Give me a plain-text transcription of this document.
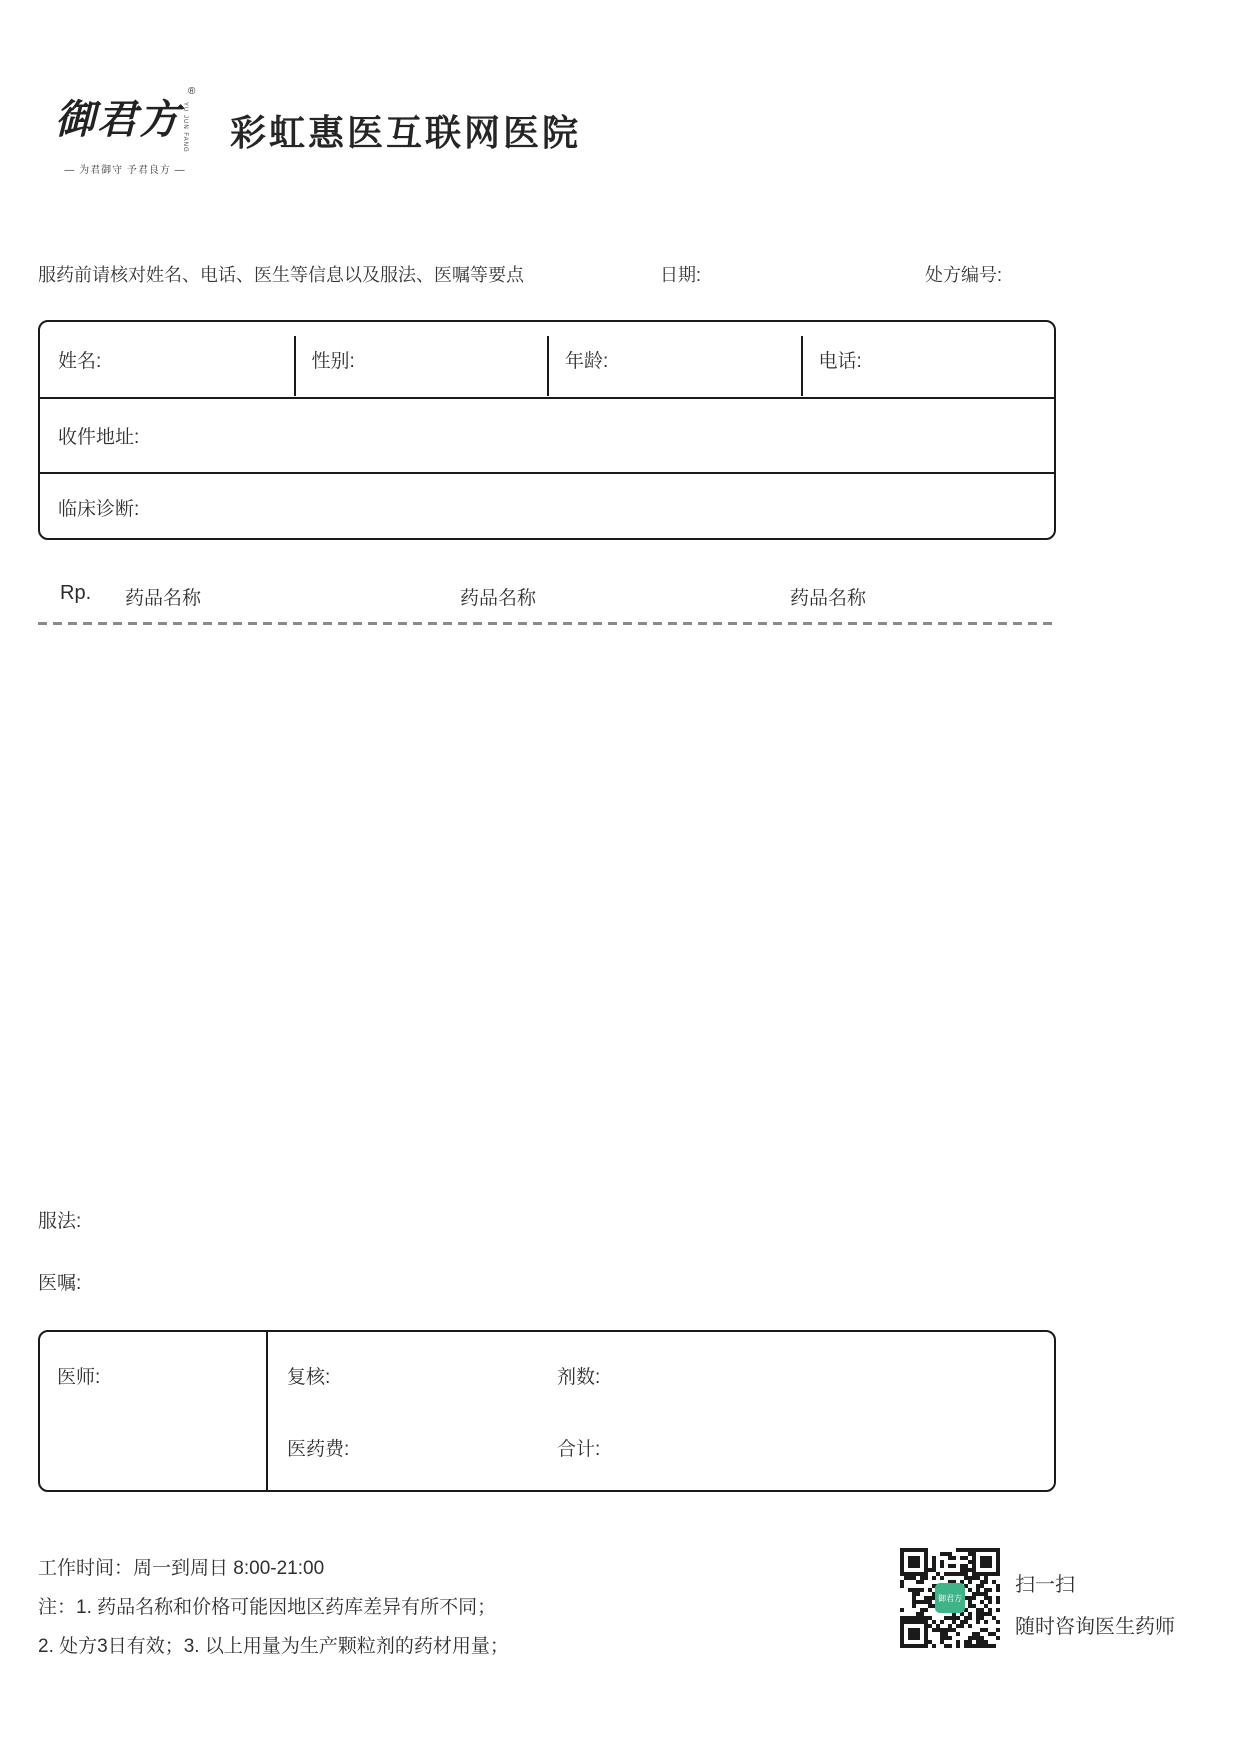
御君方 YU JUN FANG
®
— 为君御守 予君良方 —
彩虹惠医互联网医院
服药前请核对姓名、电话、医生等信息以及服法、医嘱等要点	日期:	处方编号:
姓名:	性别:	年龄:	电话:
收件地址:
临床诊断:
Rp. 药品名称	药品名称	药品名称
服法:
医嘱:
医师:	复核:	剂数:
医药费:	合计:
工作时间：周一到周日 8:00-21:00
注：1. 药品名称和价格可能因地区药库差异有所不同；
2. 处方3日有效；3. 以上用量为生产颗粒剂的药材用量；
御君方
扫一扫
随时咨询医生药师
